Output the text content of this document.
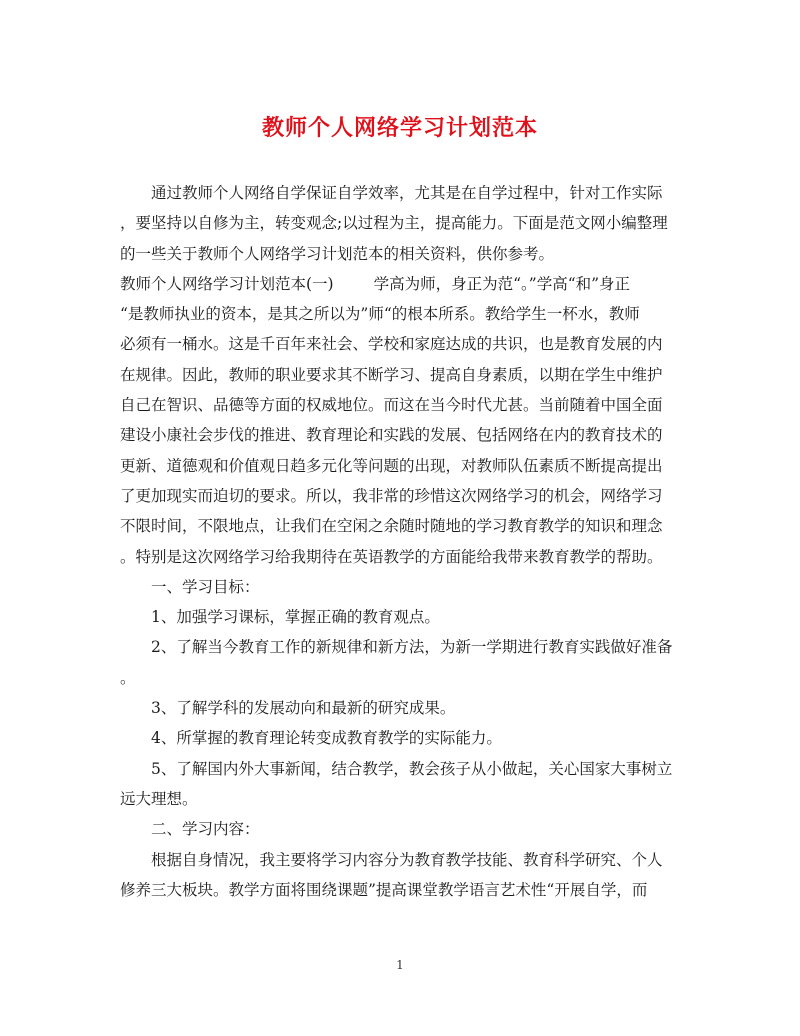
教师个人网络学习计划范本
通过教师个人网络自学保证自学效率，尤其是在自学过程中，针对工作实际
，要坚持以自修为主，转变观念;以过程为主，提高能力。下面是范文网小编整理
的一些关于教师个人网络学习计划范本的相关资料，供你参考。
教师个人网络学习计划范本(一)	学高为师，身正为范“。”学高“和”身正
“是教师执业的资本，是其之所以为”师“的根本所系。教给学生一杯水，教师
必须有一桶水。这是千百年来社会、学校和家庭达成的共识，也是教育发展的内
在规律。因此，教师的职业要求其不断学习、提高自身素质，以期在学生中维护
自己在智识、品德等方面的权威地位。而这在当今时代尤甚。当前随着中国全面
建设小康社会步伐的推进、教育理论和实践的发展、包括网络在内的教育技术的
更新、道德观和价值观日趋多元化等问题的出现，对教师队伍素质不断提高提出
了更加现实而迫切的要求。所以，我非常的珍惜这次网络学习的机会，网络学习
不限时间，不限地点，让我们在空闲之余随时随地的学习教育教学的知识和理念
。特别是这次网络学习给我期待在英语教学的方面能给我带来教育教学的帮助。
一、学习目标：
1、加强学习课标，掌握正确的教育观点。
2、了解当今教育工作的新规律和新方法，为新一学期进行教育实践做好准备
。
3、了解学科的发展动向和最新的研究成果。
4、所掌握的教育理论转变成教育教学的实际能力。
5、了解国内外大事新闻，结合教学，教会孩子从小做起，关心国家大事树立
远大理想。
二、学习内容：
根据自身情况，我主要将学习内容分为教育教学技能、教育科学研究、个人
修养三大板块。教学方面将围绕课题”提高课堂教学语言艺术性“开展自学，而
1
